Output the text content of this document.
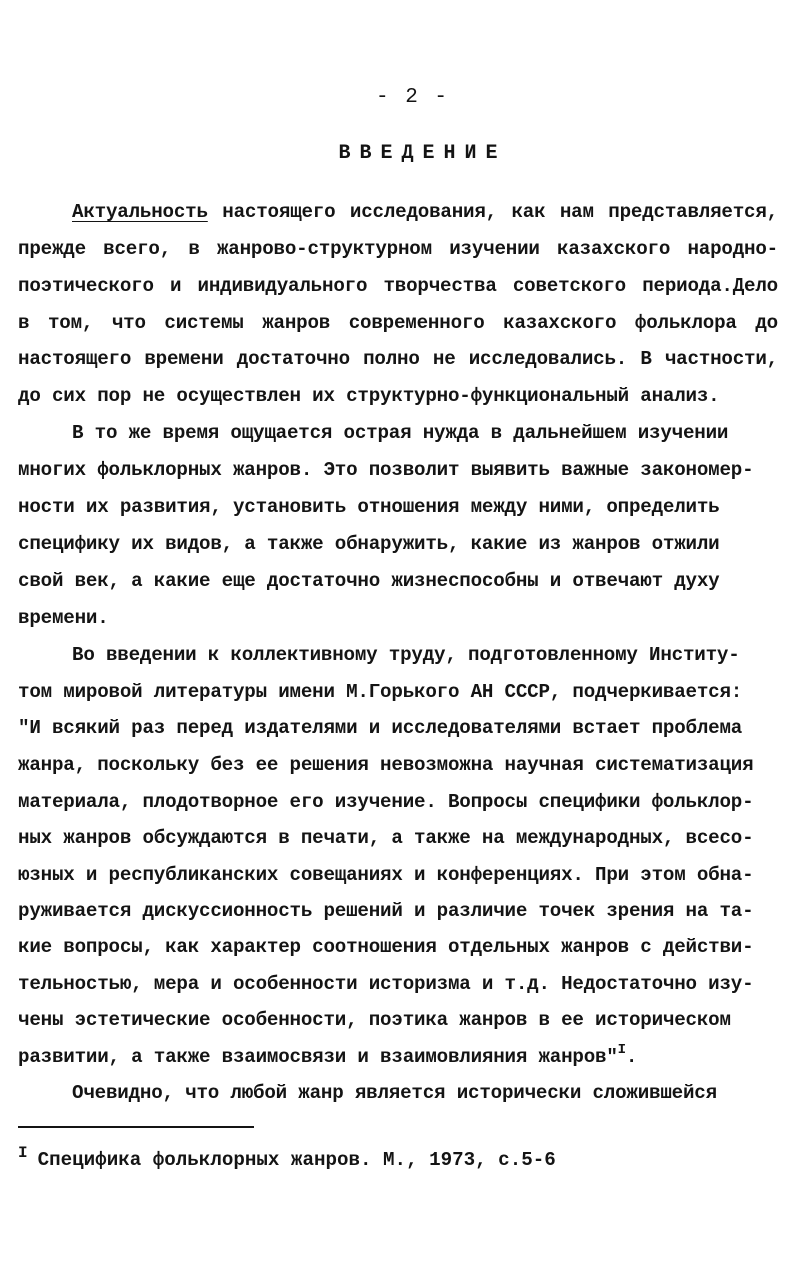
- 2 -
ВВЕДЕНИЕ
Актуальность настоящего исследования, как нам представляется,
прежде всего, в жанрово-структурном изучении казахского народно-
поэтического и индивидуального творчества советского периода.Дело
в том, что системы жанров современного казахского фольклора до
настоящего времени достаточно полно не исследовались. В частности,
до сих пор не осуществлен их структурно-функциональный анализ.
В то же время ощущается острая нужда в дальнейшем изучении
многих фольклорных жанров. Это позволит выявить важные закономер-
ности их развития, установить отношения между ними, определить
специфику их видов, а также обнаружить, какие из жанров отжили
свой век, а какие еще достаточно жизнеспособны и отвечают духу
времени.
Во введении к коллективному труду, подготовленному Институ-
том мировой литературы имени М.Горького АН СССР, подчеркивается:
"И всякий раз перед издателями и исследователями встает проблема
жанра, поскольку без ее решения невозможна научная систематизация
материала, плодотворное его изучение. Вопросы специфики фольклор-
ных жанров обсуждаются в печати, а также на международных, всесо-
юзных и республиканских совещаниях и конференциях. При этом обна-
руживается дискуссионность решений и различие точек зрения на та-
кие вопросы, как характер соотношения отдельных жанров с действи-
тельностью, мера и особенности историзма и т.д. Недостаточно изу-
чены эстетические особенности, поэтика жанров в ее историческом
развитии, а также взаимосвязи и взаимовлияния жанров"$^I$.
Очевидно, что любой жанр является исторически сложившейся
I Специфика фольклорных жанров. М., 1973, с.5-6
